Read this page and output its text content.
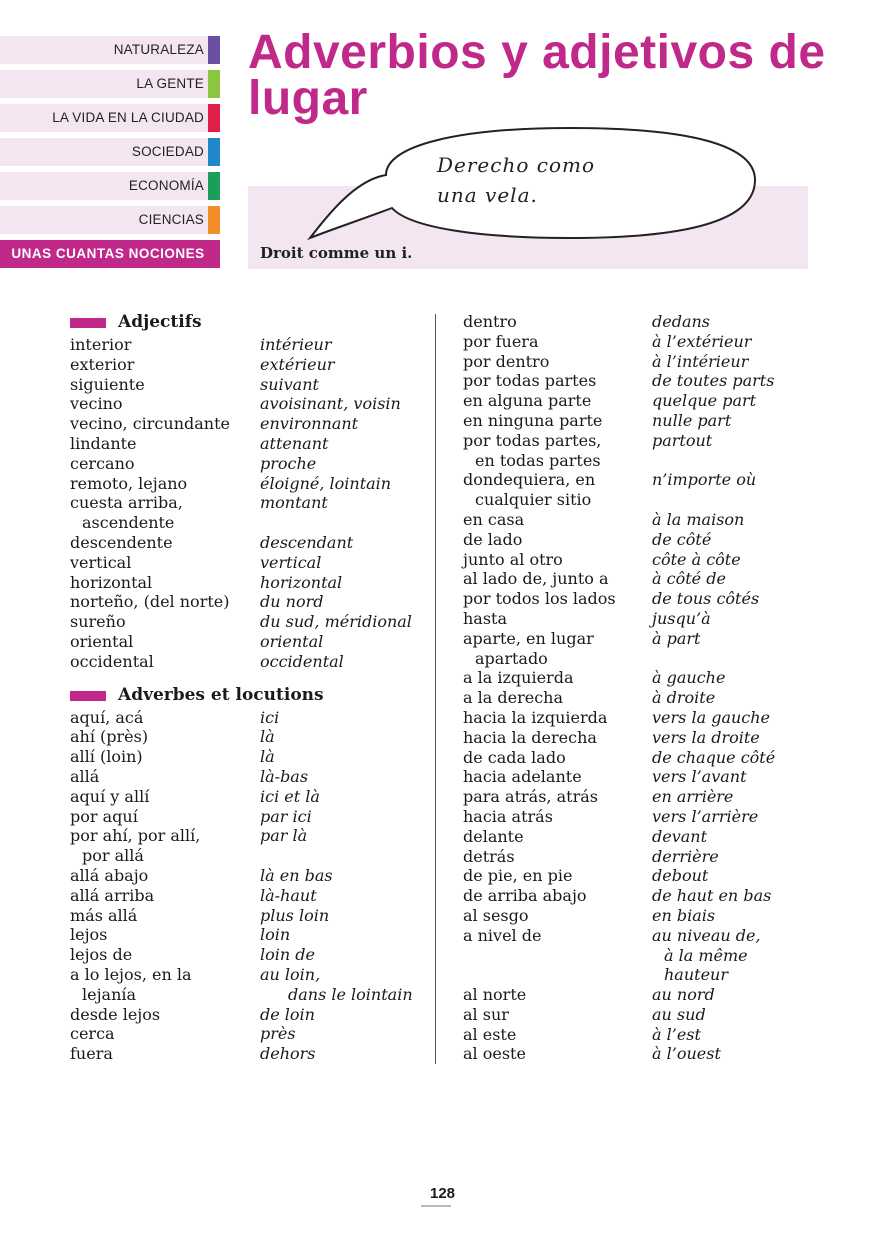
NATURALEZA
LA GENTE
LA VIDA EN LA CIUDAD
SOCIEDAD
ECONOMÍA
CIENCIAS
UNAS CUANTAS NOCIONES
Adverbios y adjetivos de lugar
Derecho como
una vela.
Droit comme un i.
Adjectifs
interior	intérieur
exterior	extérieur
siguiente	suivant
vecino	avoisinant, voisin
vecino, circundante	environnant
lindante	attenant
cercano	proche
remoto, lejano	éloigné, lointain
cuesta arriba,	montant
ascendente
descendente	descendant
vertical	vertical
horizontal	horizontal
norteño, (del norte)	du nord
sureño	du sud, méridional
oriental	oriental
occidental	occidental
Adverbes et locutions
aquí, acá	ici
ahí (près)	là
allí (loin)	là
allá	là-bas
aquí y allí	ici et là
por aquí	par ici
por ahí, por allí,	par là
por allá
allá abajo	là en bas
allá arriba	là-haut
más allá	plus loin
lejos	loin
lejos de	loin de
a lo lejos, en la	au loin,
lejanía	dans le lointain
desde lejos	de loin
cerca	près
fuera	dehors
dentro	dedans
por fuera	à l’extérieur
por dentro	à l’intérieur
por todas partes	de toutes parts
en alguna parte	quelque part
en ninguna parte	nulle part
por todas partes,	partout
en todas partes
dondequiera, en	n’importe où
cualquier sitio
en casa	à la maison
de lado	de côté
junto al otro	côte à côte
al lado de, junto a	à côté de
por todos los lados	de tous côtés
hasta	jusqu’à
aparte, en lugar	à part
apartado
a la izquierda	à gauche
a la derecha	à droite
hacia la izquierda	vers la gauche
hacia la derecha	vers la droite
de cada lado	de chaque côté
hacia adelante	vers l’avant
para atrás, atrás	en arrière
hacia atrás	vers l’arrière
delante	devant
detrás	derrière
de pie, en pie	debout
de arriba abajo	de haut en bas
al sesgo	en biais
a nivel de	au niveau de,
à la même
hauteur
al norte	au nord
al sur	au sud
al este	à l’est
al oeste	à l’ouest
128
